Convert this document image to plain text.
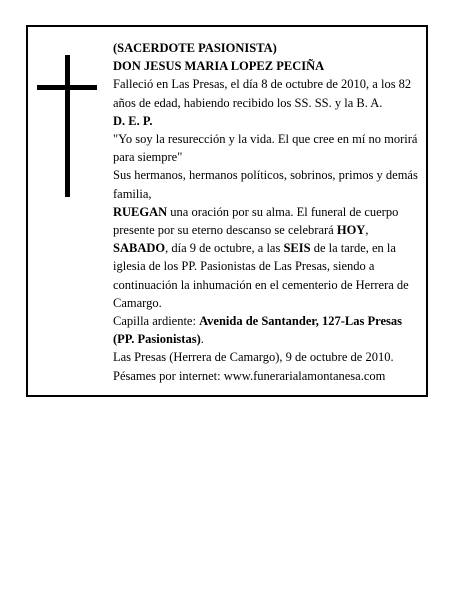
(SACERDOTE PASIONISTA)

DON JESUS MARIA LOPEZ PECIÑA

Falleció en Las Presas, el día 8 de octubre de 2010, a los 82 años de edad, habiendo recibido los SS. SS. y la B. A.

D. E. P.

"Yo soy la resurección y la vida. El que cree en mí no morirá para siempre"

Sus hermanos, hermanos políticos, sobrinos, primos y demás familia,

RUEGAN una oración por su alma. El funeral de cuerpo presente por su eterno descanso se celebrará HOY, SABADO, día 9 de octubre, a las SEIS de la tarde, en la iglesia de los PP. Pasionistas de Las Presas, siendo a continuación la inhumación en el cementerio de Herrera de Camargo.

Capilla ardiente: Avenida de Santander, 127-Las Presas (PP. Pasionistas).

Las Presas (Herrera de Camargo), 9 de octubre de 2010.

Pésames por internet: www.funerarialamontanesa.com
